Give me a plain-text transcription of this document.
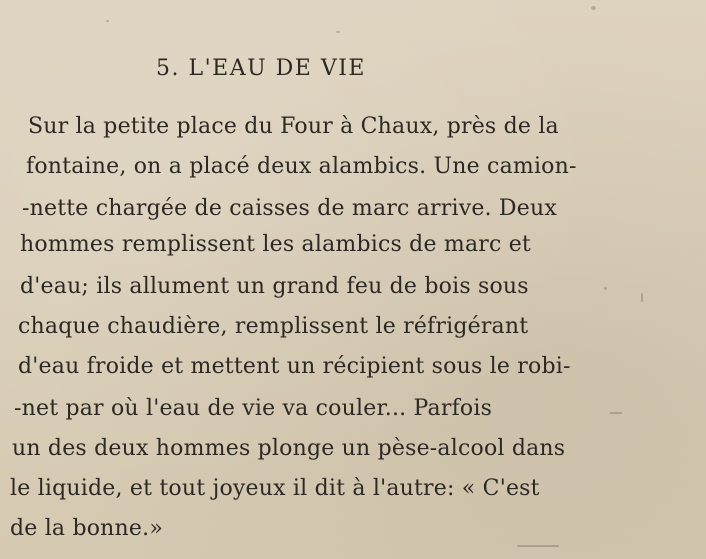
5. L'EAU DE VIE
Sur la petite place du Four à Chaux, près de la
fontaine, on a placé deux alambics. Une camion-
-nette chargée de caisses de marc arrive. Deux
hommes remplissent les alambics de marc et
d'eau; ils allument un grand feu de bois sous
chaque chaudière, remplissent le réfrigérant
d'eau froide et mettent un récipient sous le robi-
-net par où l'eau de vie va couler... Parfois
un des deux hommes plonge un pèse-alcool dans
le liquide, et tout joyeux il dit à l'autre: « C'est
de la bonne.»
